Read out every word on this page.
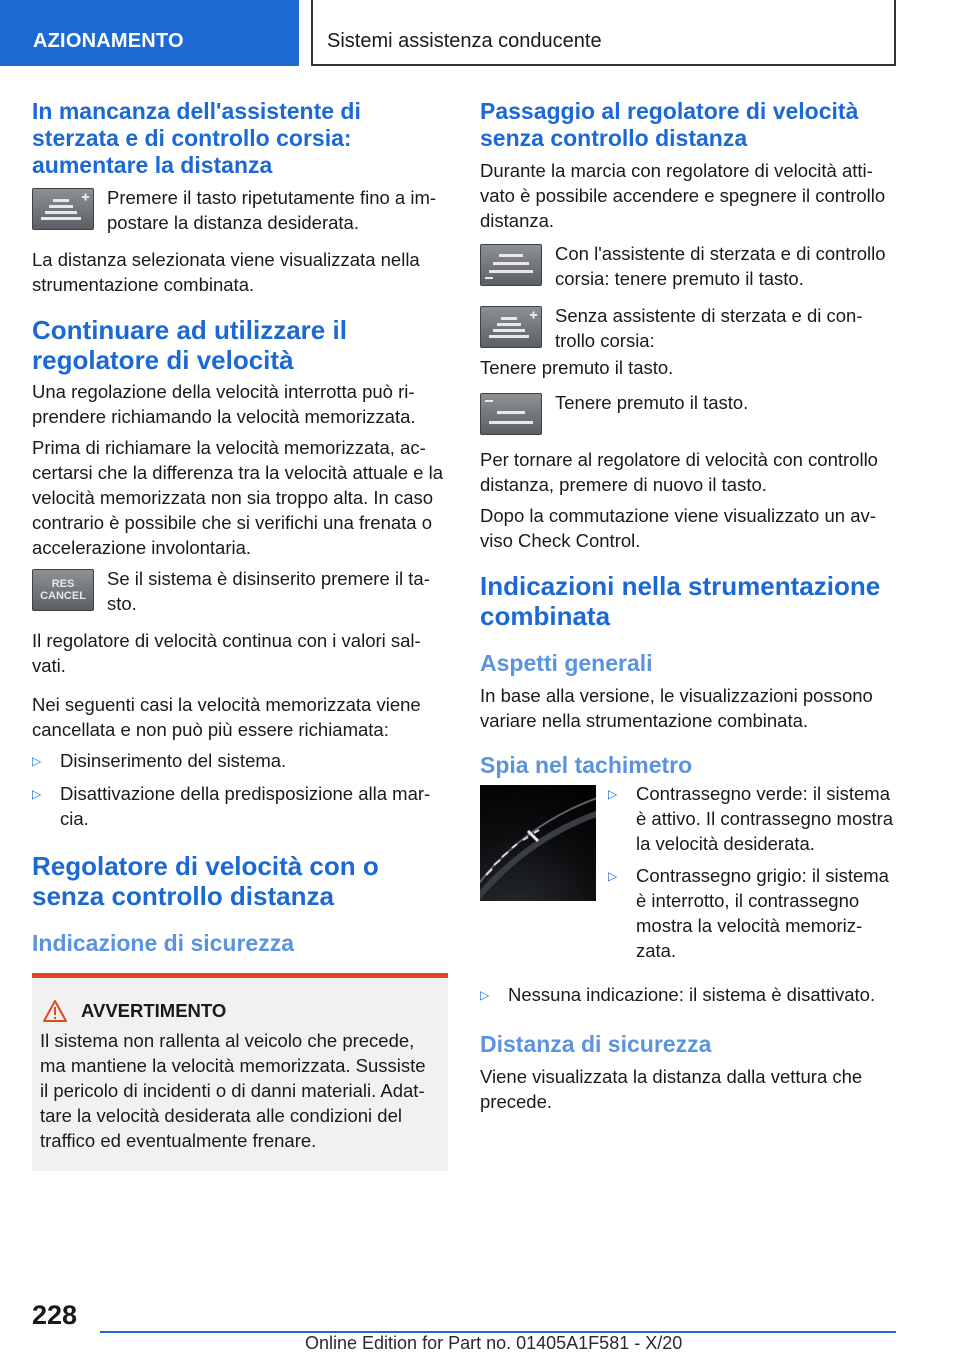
AZIONAMENTO	Sistemi assistenza conducente
In mancanza dell'assistente di sterzata e di controllo corsia: aumentare la distanza
Premere il tasto ripetutamente fino a impostare la distanza desiderata.

La distanza selezionata viene visualizzata nella strumentazione combinata.

Continuare ad utilizzare il regolatore di velocità

Una regolazione della velocità interrotta può riprendere richiamando la velocità memorizzata.

Prima di richiamare la velocità memorizzata, accertarsi che la differenza tra la velocità attuale e la velocità memorizzata non sia troppo alta. In caso contrario è possibile che si verifichi una frenata o accelerazione involontaria.

RES
CANCEL
Se il sistema è disinserito premere il tasto.

Il regolatore di velocità continua con i valori salvati.

Nei seguenti casi la velocità memorizzata viene cancellata e non può più essere richiamata:

▷	Disinserimento del sistema.
▷	Disattivazione della predisposizione alla marcia.
Regolatore di velocità con o senza controllo distanza
Indicazione di sicurezza
AVVERTIMENTO

Il sistema non rallenta al veicolo che precede, ma mantiene la velocità memorizzata. Sussiste il pericolo di incidenti o di danni materiali. Adattare la velocità desiderata alle condizioni del traffico ed eventualmente frenare.

Passaggio al regolatore di velocità senza controllo distanza

Durante la marcia con regolatore di velocità attivato è possibile accendere e spegnere il controllo distanza.

Con l'assistente di sterzata e di controllo corsia: tenere premuto il tasto.
Senza assistente di sterzata e di controllo corsia:

Tenere premuto il tasto.

Tenere premuto il tasto.

Per tornare al regolatore di velocità con controllo distanza, premere di nuovo il tasto.

Dopo la commutazione viene visualizzato un avviso Check Control.

Indicazioni nella strumentazione combinata
Aspetti generali

In base alla versione, le visualizzazioni possono variare nella strumentazione combinata.

Spia nel tachimetro
▷	Contrassegno verde: il sistema è attivo. Il contrassegno mostra la velocità desiderata.
▷	Contrassegno grigio: il sistema è interrotto, il contrassegno mostra la velocità memorizzata.
▷	Nessuna indicazione: il sistema è disattivato.
Distanza di sicurezza

Viene visualizzata la distanza dalla vettura che precede.

228
Online Edition for Part no. 01405A1F581 - X/20
